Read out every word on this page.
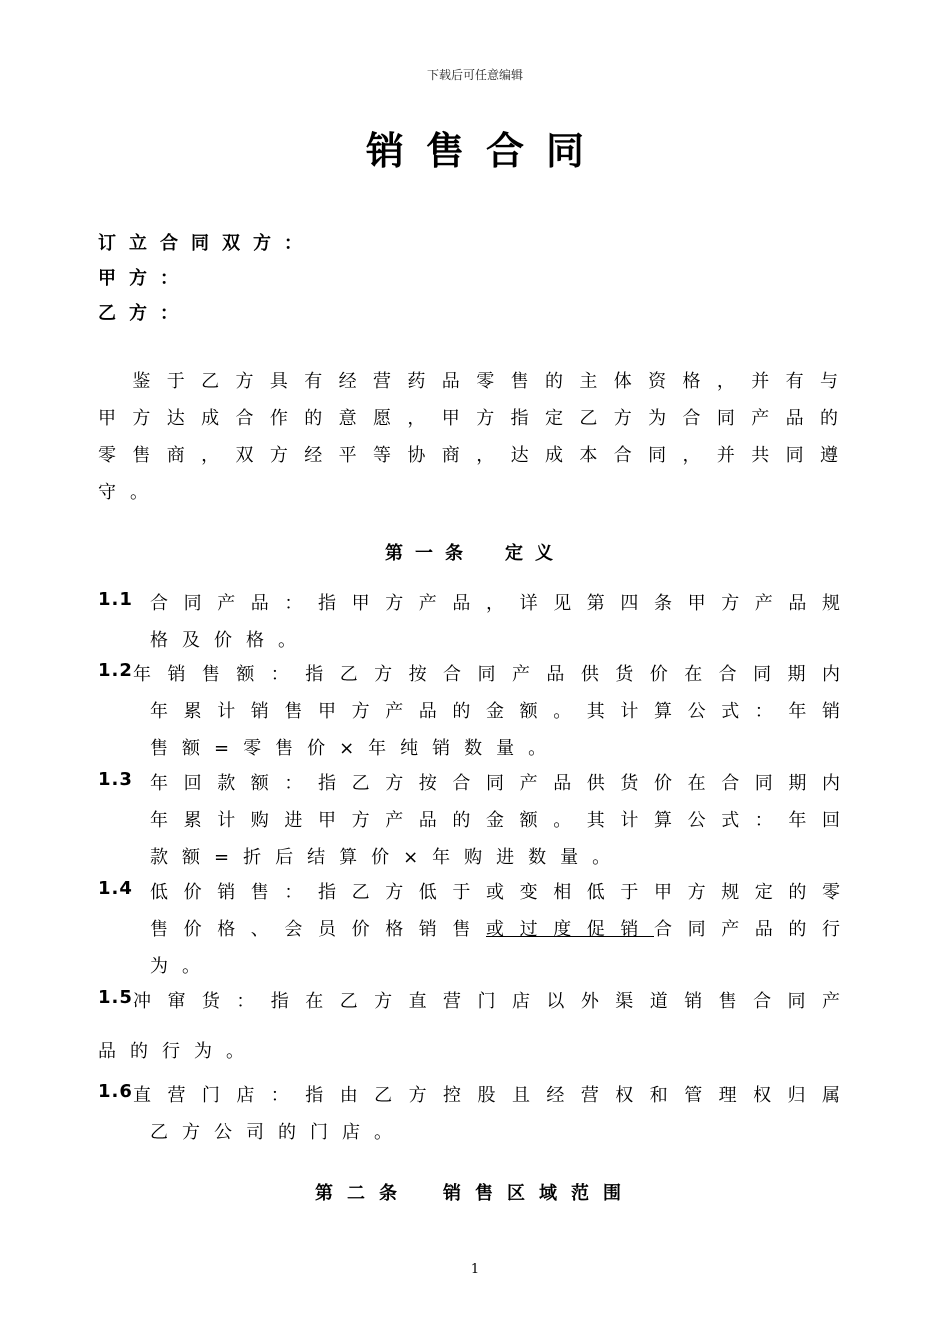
下载后可任意编辑
销售合同
订立合同双方：
甲方：
乙方：
　鉴于乙方具有经营药品零售的主体资格，并有与
甲方达成合作的意愿，甲方指定乙方为合同产品的
零售商，双方经平等协商，达成本合同，并共同遵
守。
第一条　定义
1.1 合同产品：指甲方产品，详见第四条甲方产品规
格及价格。
1.2 年销售额：指乙方按合同产品供货价在合同期内
年累计销售甲方产品的金额。其计算公式：年销
售额=零售价×年纯销数量。
1.3 年回款额：指乙方按合同产品供货价在合同期内
年累计购进甲方产品的金额。其计算公式：年回
款额=折后结算价×年购进数量。
1.4 低价销售：指乙方低于或变相低于甲方规定的零
售价格、会员价格销售或过度促销合同产品的行
为。
1.5 冲窜货：指在乙方直营门店以外渠道销售合同产
品的行为。
1.6 直营门店：指由乙方控股且经营权和管理权归属
乙方公司的门店。
第二条　销售区域范围
1
